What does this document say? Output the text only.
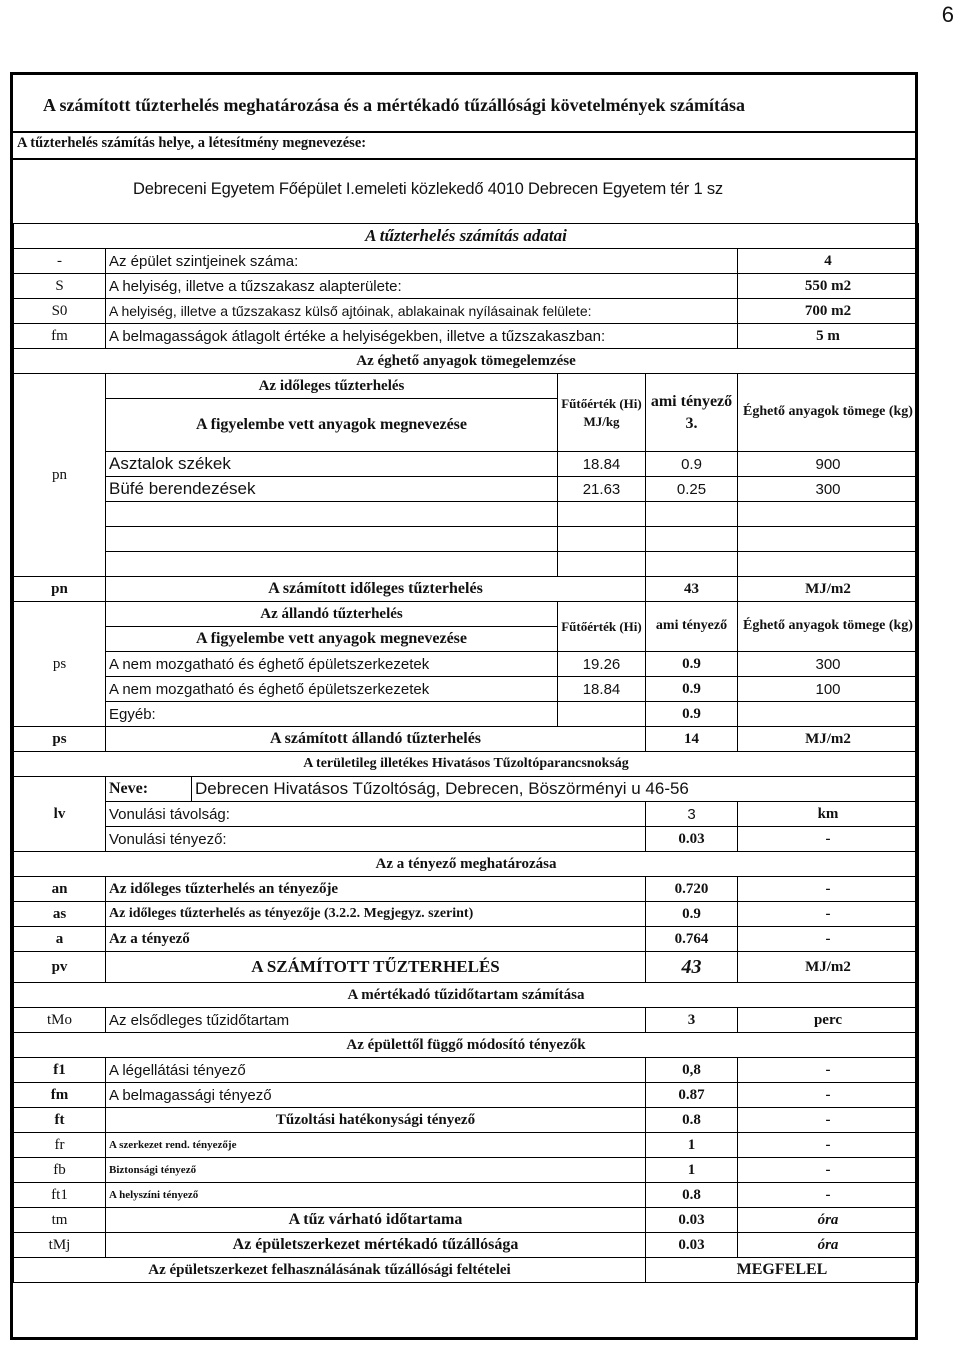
6
A számított tűzterhelés meghatározása és a mértékadó tűzállósági követelmények számítása
A tűzterhelés számítás helye, a létesítmény megnevezése:
Debreceni Egyetem Főépület I.emeleti közlekedő 4010 Debrecen Egyetem tér 1 sz
A tűzterhelés számítás adatai					
-	Az épület szintjeinek száma:				4
S	A helyiség, illetve a tűzszakasz alapterülete:				550 m2
S0	A helyiség, illetve a tűzszakasz külső ajtóinak, ablakainak nyílásainak felülete:				700 m2
fm	A belmagasságok átlagolt értéke a helyiségekben, illetve a tűzszakaszban:				5 m
Az éghető anyagok tömegelemzése					
pn	Az időleges tűzterhelés		Fűtőérték (Hi) MJ/kg	ami tényező 3.	Éghető anyagok tömege (kg)
	A figyelembe vett anyagok megnevezése				
	Asztalok székek		18.84	0.9	900
	Büfé berendezések		21.63	0.25	300

pn	A számított időleges tűzterhelés			43	MJ/m2
ps	Az állandó tűzterhelés		Fűtőérték (Hi)	ami tényező	Éghető anyagok tömege (kg)
	A figyelembe vett anyagok megnevezése				
	A nem mozgatható és éghető épületszerkezetek		19.26	0.9	300
	A nem mozgatható és éghető épületszerkezetek		18.84	0.9	100
	Egyéb:			0.9	
ps	A számított állandó tűzterhelés			14	MJ/m2
A területileg illetékes Hivatásos Tűzoltóparancsnokság					
lv	Neve:	Debrecen Hivatásos Tűzoltóság, Debrecen, Böszörményi u 46-56			
	Vonulási távolság:			3	km
	Vonulási tényező:			0.03	-
Az a tényező meghatározása					
an	Az időleges tűzterhelés an tényezője			0.720	-
as	Az időleges tűzterhelés as tényezője (3.2.2. Megjegyz. szerint)			0.9	-
a	Az a tényező			0.764	-
pv	A SZÁMÍTOTT TŰZTERHELÉS			43	MJ/m2
A mértékadó tűzidőtartam számítása					
tMo	Az elsődleges tűzidőtartam			3	perc
Az épülettől függő módosító tényezők					
f1	A légellátási tényező			0,8	-
fm	A belmagassági tényező			0.87	-
ft	Tűzoltási hatékonysági tényező			0.8	-
fr	A szerkezet rend. tényezője			1	-
fb	Biztonsági tényező			1	-
ft1	A helyszíni tényező			0.8	-
tm	A tűz várható időtartama			0.03	óra
tMj	Az épületszerkezet mértékadó tűzállósága			0.03	óra
Az épületszerkezet felhasználásának tűzállósági feltételei				MEGFELEL	
